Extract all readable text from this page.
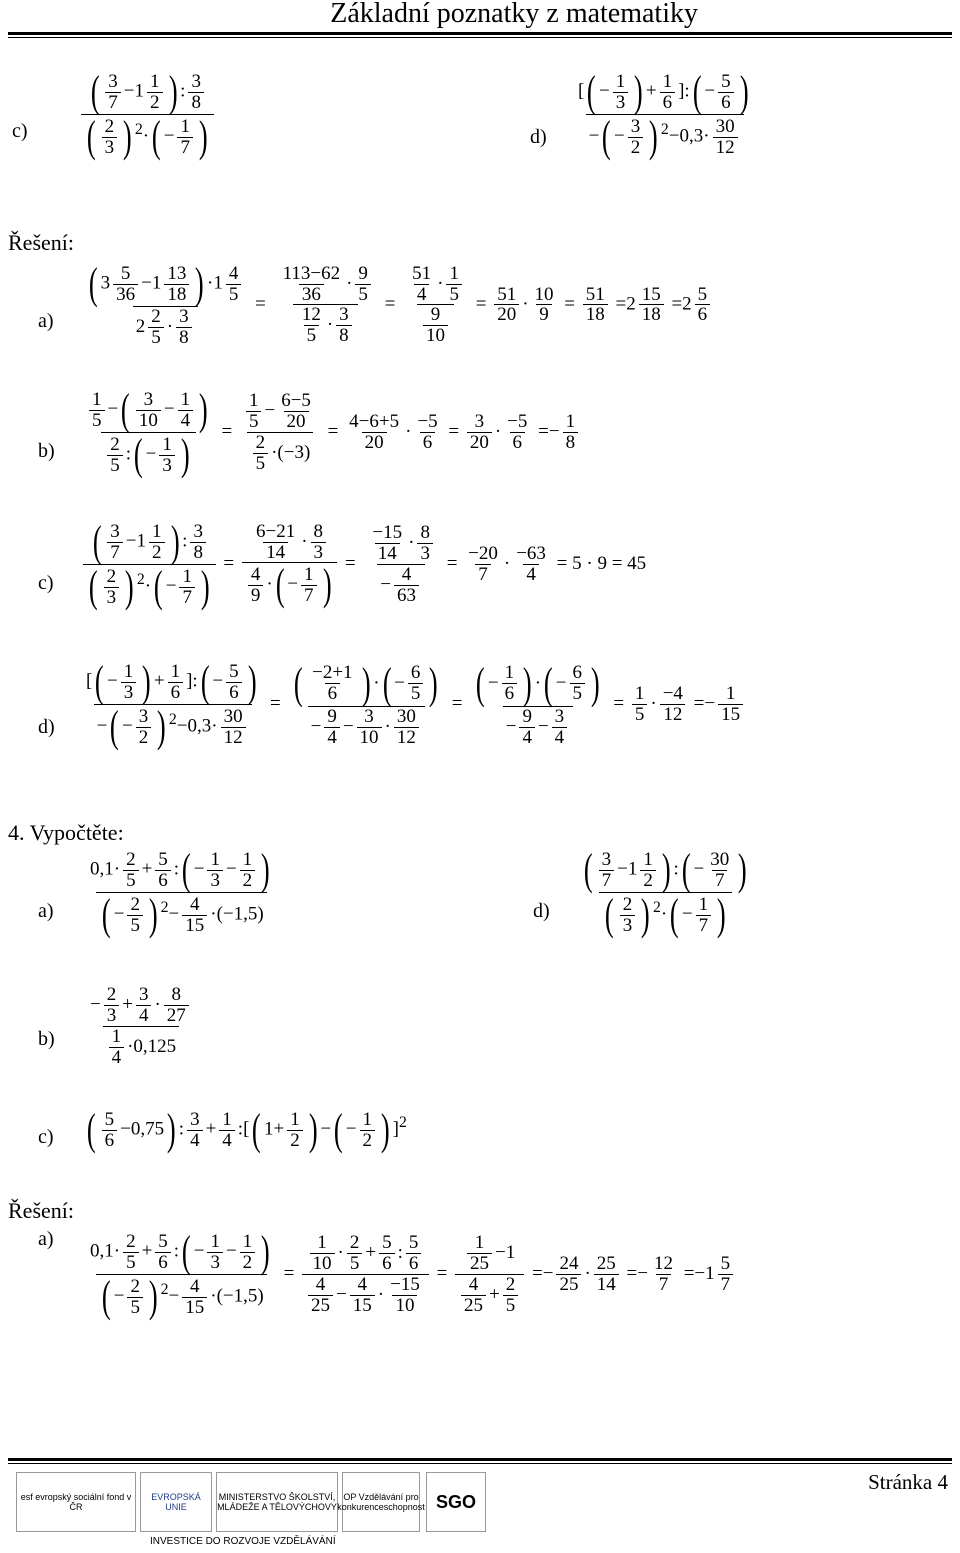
Základní poznatky z matematiky
$c) \frac{( \frac{3}{7} -1 \frac{1}{2} ) : \frac{3}{8}}{( \frac{2}{3} ) ^2\cdot( - \frac{1}{7} )}$	$d) \frac{[( - \frac{1}{3} ) + \frac{1}{6} ]:( - \frac{5}{6} )}{-( - \frac{3}{2} ) ^2-0,3\cdot \frac{30}{12}}$
Řešení:
$a) \frac{( 3 \frac{5}{36} -1 \frac{13}{18} ) \cdot 1 \frac{4}{5}}{2 \frac{2}{5} \cdot \frac{3}{8}} = \frac{\frac{113-62}{36} \cdot \frac{9}{5}}{\frac{12}{5} \cdot \frac{3}{8}} = \frac{\frac{51}{4} \cdot \frac{1}{5}}{\frac{9}{10}} = \frac{51}{20} \cdot \frac{10}{9} = \frac{51}{18} =2 \frac{15}{18} =2 \frac{5}{6}$
$b) \frac{\frac{1}{5} -( \frac{3}{10} - \frac{1}{4} )}{\frac{2}{5} :( - \frac{1}{3} )} = \frac{\frac{1}{5} - \frac{6-5}{20}}{\frac{2}{5} \cdot(-3)} = \frac{4-6+5}{20} \cdot \frac{-5}{6} = \frac{3}{20} \cdot \frac{-5}{6} =- \frac{1}{8}$
$c) \frac{( \frac{3}{7} -1 \frac{1}{2} ) : \frac{3}{8}}{( \frac{2}{3} ) ^2\cdot( - \frac{1}{7} )} = \frac{\frac{6-21}{14} \cdot \frac{8}{3}}{\frac{4}{9} \cdot( - \frac{1}{7} )} = \frac{\frac{-15}{14} \cdot \frac{8}{3}}{- \frac{4}{63}} = \frac{-20}{7} \cdot \frac{-63}{4} = 5 \cdot 9 = 45$
$d) \frac{[( - \frac{1}{3} ) + \frac{1}{6} ]:( - \frac{5}{6} )}{-( - \frac{3}{2} ) ^2-0,3\cdot \frac{30}{12}} = \frac{( \frac{-2+1}{6} ) \cdot( - \frac{6}{5} )}{- \frac{9}{4} - \frac{3}{10} \cdot \frac{30}{12}} = \frac{( - \frac{1}{6} ) \cdot( - \frac{6}{5} )}{- \frac{9}{4} - \frac{3}{4}} = \frac{1}{5} \cdot \frac{-4}{12} =- \frac{1}{15}$
4. Vypočtěte:
$a) \frac{0,1\cdot \frac{2}{5} + \frac{5}{6} :( - \frac{1}{3} - \frac{1}{2} )}{( - \frac{2}{5} ) ^2- \frac{4}{15} \cdot(-1,5)}$	$d) \frac{( \frac{3}{7} -1 \frac{1}{2} ) :( - \frac{30}{7} )}{( \frac{2}{3} ) ^2\cdot( - \frac{1}{7} )}$
$b) \frac{- \frac{2}{3} + \frac{3}{4} \cdot \frac{8}{27}}{\frac{1}{4} \cdot 0,125}$
c) ( $\frac{5}{6} -0,75$) : $\frac{3}{4} + \frac{1}{4}$ :[( $1+ \frac{1}{2}$ ) −( − $\frac{1}{2}$ ) ]$^2$
Řešení:
$a) \frac{0,1\cdot \frac{2}{5} + \frac{5}{6} :( - \frac{1}{3} - \frac{1}{2} )}{( - \frac{2}{5} ) ^2- \frac{4}{15} \cdot(-1,5)} = \frac{\frac{1}{10} \cdot \frac{2}{5} + \frac{5}{6} : \frac{5}{6}}{\frac{4}{25} - \frac{4}{15} \cdot \frac{-15}{10}} = \frac{\frac{1}{25} -1}{\frac{4}{25} + \frac{2}{5}} =- \frac{24}{25} \cdot \frac{25}{14} =- \frac{12}{7} =-1 \frac{5}{7}$
esf evropský sociální fond v ČR
EVROPSKÁ UNIE
MINISTERSTVO ŠKOLSTVÍ, MLÁDEŽE A TĚLOVÝCHOVY
OP Vzdělávání pro konkurenceschopnost SGO
INVESTICE DO ROZVOJE VZDĚLÁVÁNÍ
Stránka 4
